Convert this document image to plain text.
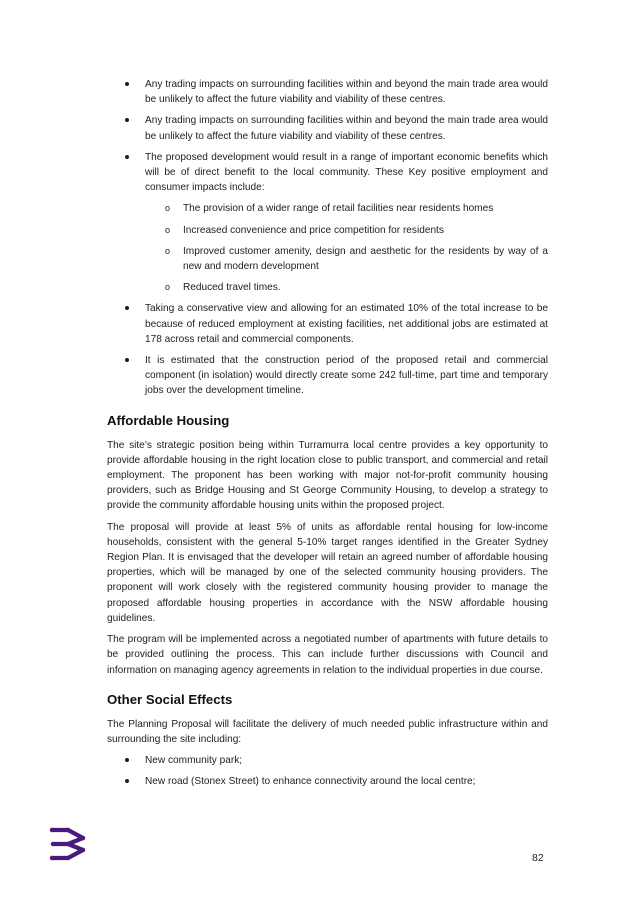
Any trading impacts on surrounding facilities within and beyond the main trade area would be unlikely to affect the future viability and viability of these centres.
Any trading impacts on surrounding facilities within and beyond the main trade area would be unlikely to affect the future viability and viability of these centres.
The proposed development would result in a range of important economic benefits which will be of direct benefit to the local community. These Key positive employment and consumer impacts include:
o The provision of a wider range of retail facilities near residents homes
o Increased convenience and price competition for residents
o Improved customer amenity, design and aesthetic for the residents by way of a new and modern development
o Reduced travel times.
Taking a conservative view and allowing for an estimated 10% of the total increase to be because of reduced employment at existing facilities, net additional jobs are estimated at 178 across retail and commercial components.
It is estimated that the construction period of the proposed retail and commercial component (in isolation) would directly create some 242 full-time, part time and temporary jobs over the development timeline.
Affordable Housing
The site’s strategic position being within Turramurra local centre provides a key opportunity to provide affordable housing in the right location close to public transport, and commercial and retail employment. The proponent has been working with major not-for-profit community housing providers, such as Bridge Housing and St George Community Housing, to develop a strategy to provide the community affordable housing units within the proposed project.
The proposal will provide at least 5% of units as affordable rental housing for low-income households, consistent with the general 5-10% target ranges identified in the Greater Sydney Region Plan. It is envisaged that the developer will retain an agreed number of affordable housing properties, which will be managed by one of the selected community housing providers. The proponent will work closely with the registered community housing provider to manage the proposed affordable housing properties in accordance with the NSW affordable housing guidelines.
The program will be implemented across a negotiated number of apartments with future details to be provided outlining the process. This can include further discussions with Council and information on managing agency agreements in relation to the individual properties in due course.
Other Social Effects
The Planning Proposal will facilitate the delivery of much needed public infrastructure within and surrounding the site including:
New community park;
New road (Stonex Street) to enhance connectivity around the local centre;
82
